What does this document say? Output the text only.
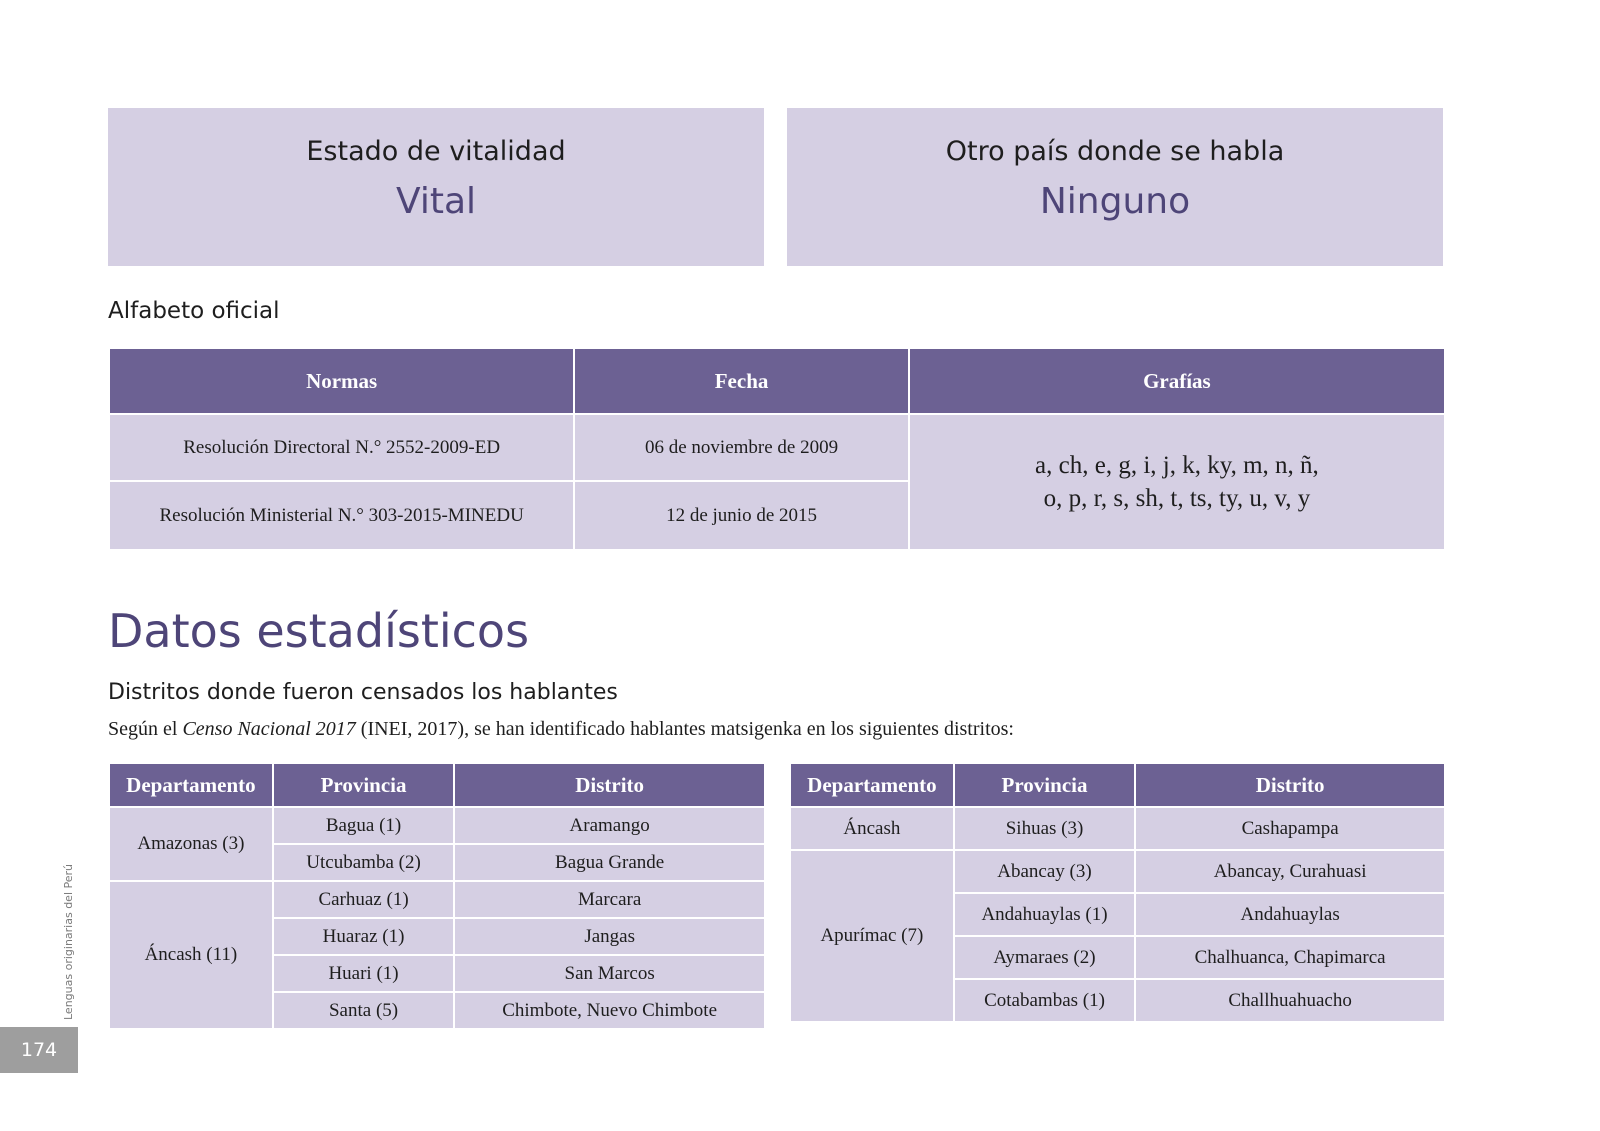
Estado de vitalidad
Vital
Otro país donde se habla
Ninguno
Alfabeto oficial
Normas	Fecha	Grafías
Resolución Directoral N.° 2552-2009-ED	06 de noviembre de 2009	a, ch, e, g, i, j, k, ky, m, n, ñ,
o, p, r, s, sh, t, ts, ty, u, v, y
Resolución Ministerial N.° 303-2015-MINEDU	12 de junio de 2015	
Datos estadísticos
Distritos donde fueron censados los hablantes

Según el Censo Nacional 2017 (INEI, 2017), se han identificado hablantes matsigenka en los siguientes distritos:

Departamento	Provincia	Distrito
Amazonas (3)	Bagua (1)	Aramango
	Utcubamba (2)	Bagua Grande
Áncash (11)	Carhuaz (1)	Marcara
	Huaraz (1)	Jangas
	Huari (1)	San Marcos
	Santa (5)	Chimbote, Nuevo Chimbote
Departamento	Provincia	Distrito
Áncash	Sihuas (3)	Cashapampa
Apurímac (7)	Abancay (3)	Abancay, Curahuasi
	Andahuaylas (1)	Andahuaylas
	Aymaraes (2)	Chalhuanca, Chapimarca
	Cotabambas (1)	Challhuahuacho
Lenguas originarias del Perú
174
